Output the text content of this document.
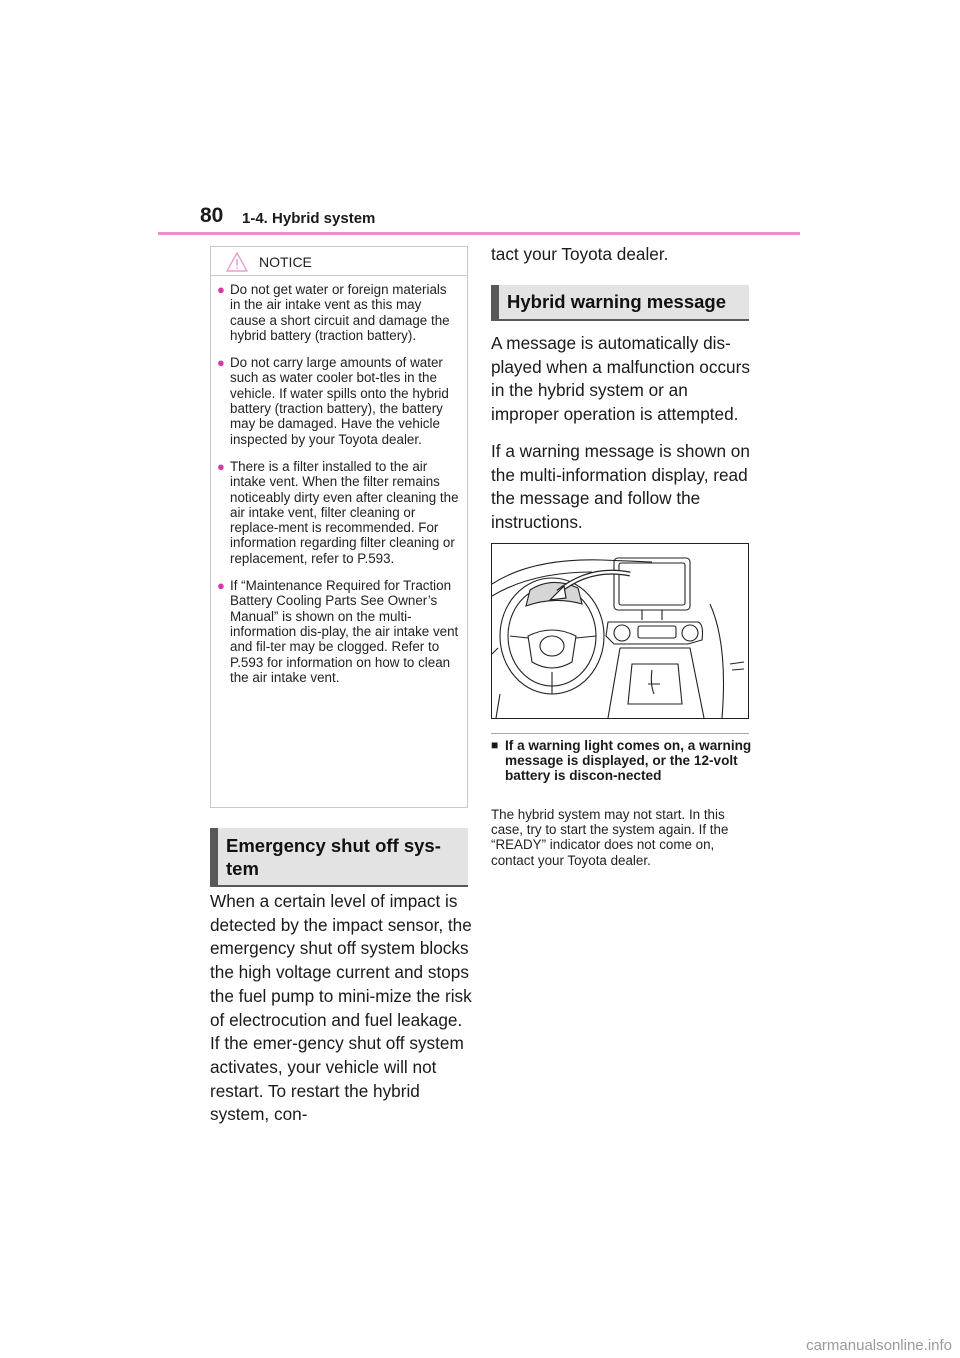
80 1-4. Hybrid system
NOTICE
● Do not get water or foreign materials in the air intake vent as this may cause a short circuit and damage the hybrid battery (traction battery).
● Do not carry large amounts of water such as water cooler bot-tles in the vehicle. If water spills onto the hybrid battery (traction battery), the battery may be damaged. Have the vehicle inspected by your Toyota dealer.
● There is a filter installed to the air intake vent. When the filter remains noticeably dirty even after cleaning the air intake vent, filter cleaning or replace-ment is recommended. For information regarding filter cleaning or replacement, refer to P.593.
● If “Maintenance Required for Traction Battery Cooling Parts See Owner’s Manual” is shown on the multi-information dis-play, the air intake vent and fil-ter may be clogged. Refer to P.593 for information on how to clean the air intake vent.
Emergency shut off sys-tem
When a certain level of impact is detected by the impact sensor, the emergency shut off system blocks the high voltage current and stops the fuel pump to mini-mize the risk of electrocution and fuel leakage. If the emer-gency shut off system activates, your vehicle will not restart. To restart the hybrid system, con-
tact your Toyota dealer.
Hybrid warning message
A message is automatically dis-played when a malfunction occurs in the hybrid system or an improper operation is attempted.
If a warning message is shown on the multi-information display, read the message and follow the instructions.
■ If a warning light comes on, a warning message is displayed, or the 12-volt battery is discon-nected
The hybrid system may not start. In this case, try to start the system again. If the “READY” indicator does not come on, contact your Toyota dealer.
carmanualsonline.info
